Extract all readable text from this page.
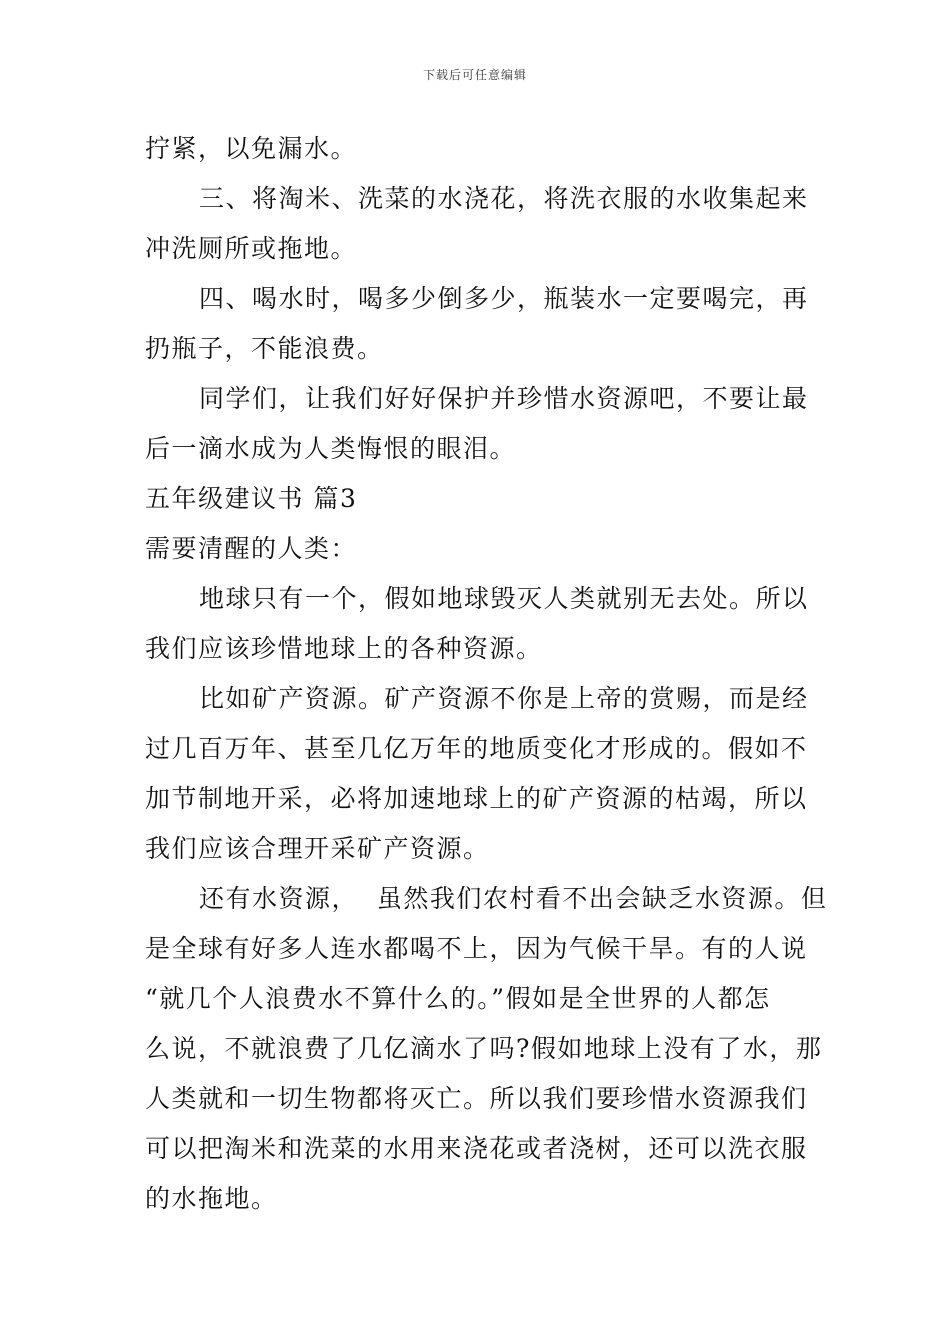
下载后可任意编辑
拧紧，以免漏水。
三、将淘米、洗菜的水浇花，将洗衣服的水收集起来
冲洗厕所或拖地。
四、喝水时，喝多少倒多少，瓶装水一定要喝完，再
扔瓶子，不能浪费。
同学们，让我们好好保护并珍惜水资源吧，不要让最
后一滴水成为人类悔恨的眼泪。
五年级建议书 篇3
需要清醒的人类：
地球只有一个，假如地球毁灭人类就别无去处。所以
我们应该珍惜地球上的各种资源。
比如矿产资源。矿产资源不你是上帝的赏赐，而是经
过几百万年、甚至几亿万年的地质变化才形成的。假如不
加节制地开采，必将加速地球上的矿产资源的枯竭，所以
我们应该合理开采矿产资源。
还有水资源，  虽然我们农村看不出会缺乏水资源。但
是全球有好多人连水都喝不上，因为气候干旱。有的人说
“就几个人浪费水不算什么的。”假如是全世界的人都怎
么说，不就浪费了几亿滴水了吗?假如地球上没有了水，那
人类就和一切生物都将灭亡。所以我们要珍惜水资源我们
可以把淘米和洗菜的水用来浇花或者浇树，还可以洗衣服
的水拖地。
